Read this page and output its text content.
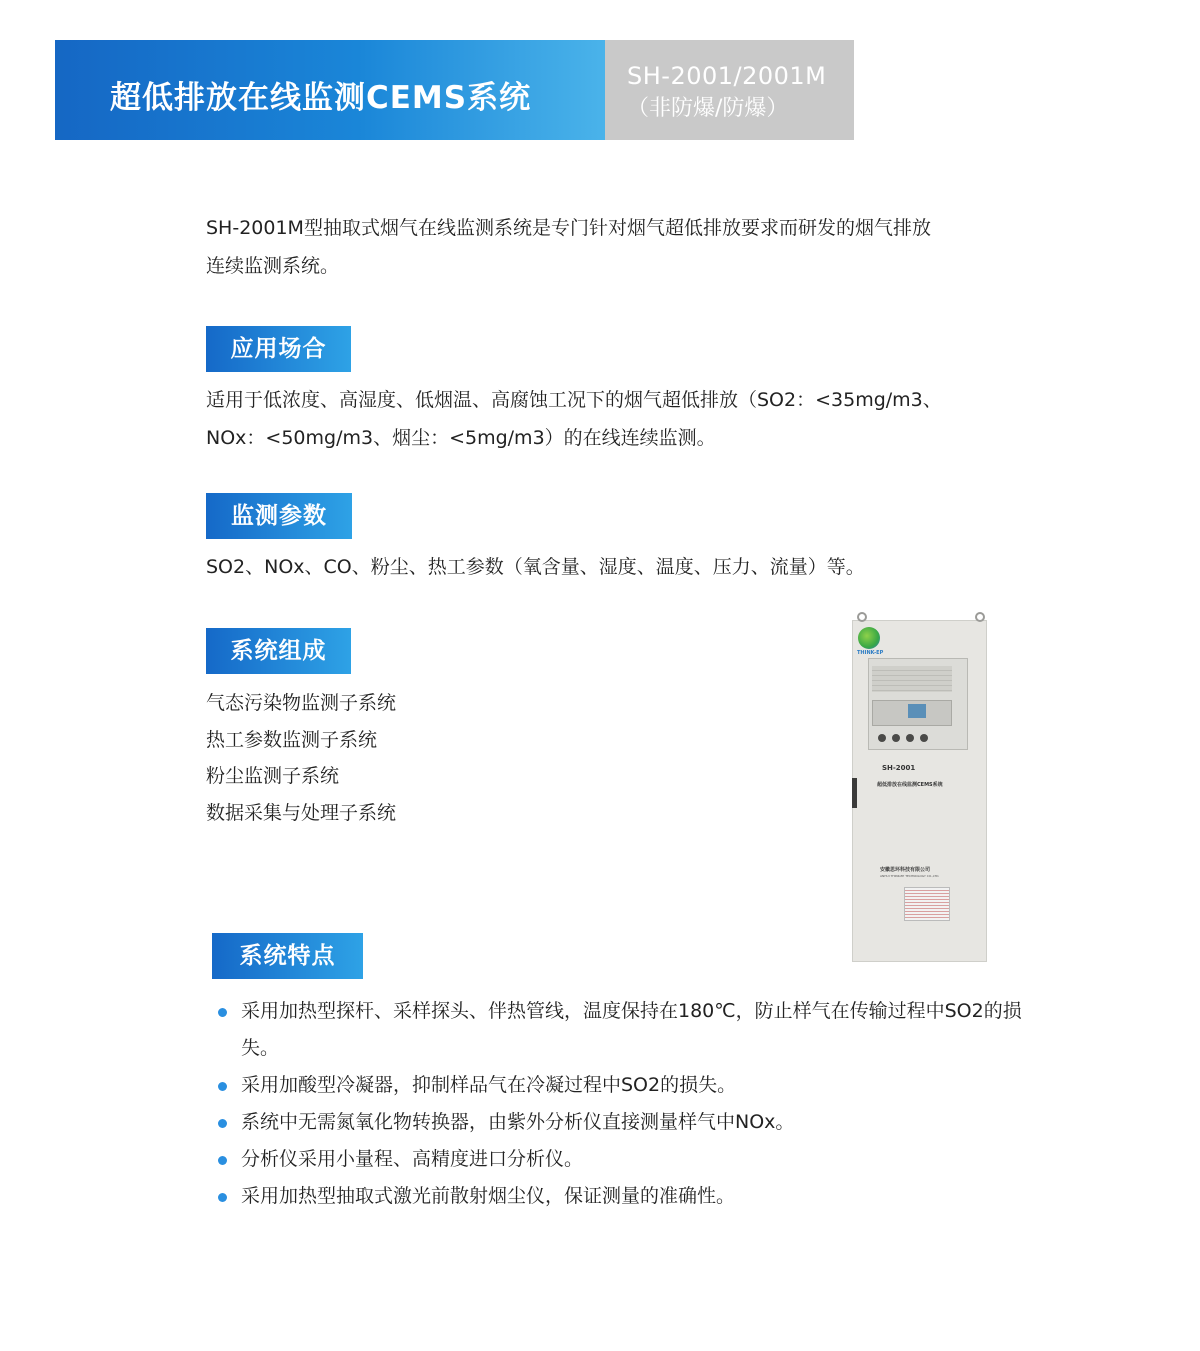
超低排放在线监测CEMS系统
SH-2001/2001M
（非防爆/防爆）
SH-2001M型抽取式烟气在线监测系统是专门针对烟气超低排放要求而研发的烟气排放
连续监测系统。
应用场合
适用于低浓度、高湿度、低烟温、高腐蚀工况下的烟气超低排放（SO2：<35mg/m3、
NOx：<50mg/m3、烟尘：<5mg/m3）的在线连续监测。
监测参数
SO2、NOx、CO、粉尘、热工参数（氧含量、湿度、温度、压力、流量）等。
系统组成
气态污染物监测子系统
热工参数监测子系统
粉尘监测子系统
数据采集与处理子系统
THINK-EP
SH-2001
超低排放在线监测CEMS系统
安徽思环科技有限公司
ANHUI THINK-EP TECHNOLOGY CO.,LTD.
系统特点
采用加热型探杆、采样探头、伴热管线，温度保持在180℃，防止样气在传输过程中SO2的损失。
采用加酸型冷凝器，抑制样品气在冷凝过程中SO2的损失。
系统中无需氮氧化物转换器，由紫外分析仪直接测量样气中NOx。
分析仪采用小量程、高精度进口分析仪。
采用加热型抽取式激光前散射烟尘仪，保证测量的准确性。
